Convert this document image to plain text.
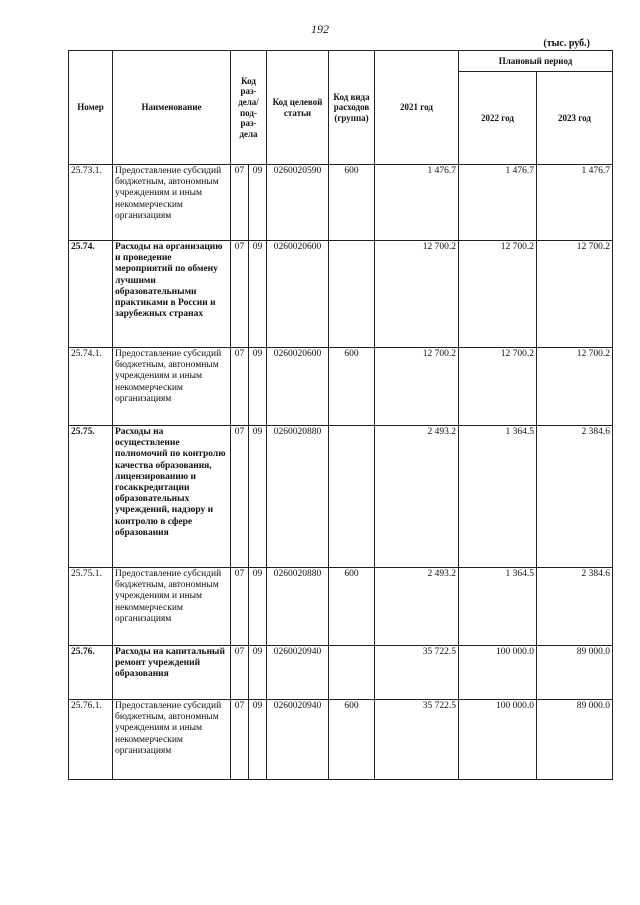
192
(тыс. руб.)
Номер	Наименование	Код раз-дела/ под-раз-дела		Код целевой статьи	Код вида расходов (группа)	2021 год	Плановый период	
							2022 год	2023 год
25.73.1.	Предоставление субсидий бюджетным, автономным учреждениям и иным некоммерческим организациям	07	09	0260020590	600	1 476.7	1 476.7	1 476.7
25.74.	Расходы на организацию и проведение мероприятий по обмену лучшими образовательными практиками в России и зарубежных странах	07	09	0260020600		12 700.2	12 700.2	12 700.2
25.74.1.	Предоставление субсидий бюджетным, автономным учреждениям и иным некоммерческим организациям	07	09	0260020600	600	12 700.2	12 700.2	12 700.2
25.75.	Расходы на осуществление полномочий по контролю качества образования, лицензированию и госаккредитации образовательных учреждений, надзору и контролю в сфере образования	07	09	0260020880		2 493.2	1 364.5	2 384.6
25.75.1.	Предоставление субсидий бюджетным, автономным учреждениям и иным некоммерческим организациям	07	09	0260020880	600	2 493.2	1 364.5	2 384.6
25.76.	Расходы на капитальный ремонт учреждений образования	07	09	0260020940		35 722.5	100 000.0	89 000.0
25.76.1.	Предоставление субсидий бюджетным, автономным учреждениям и иным некоммерческим организациям	07	09	0260020940	600	35 722.5	100 000.0	89 000.0
